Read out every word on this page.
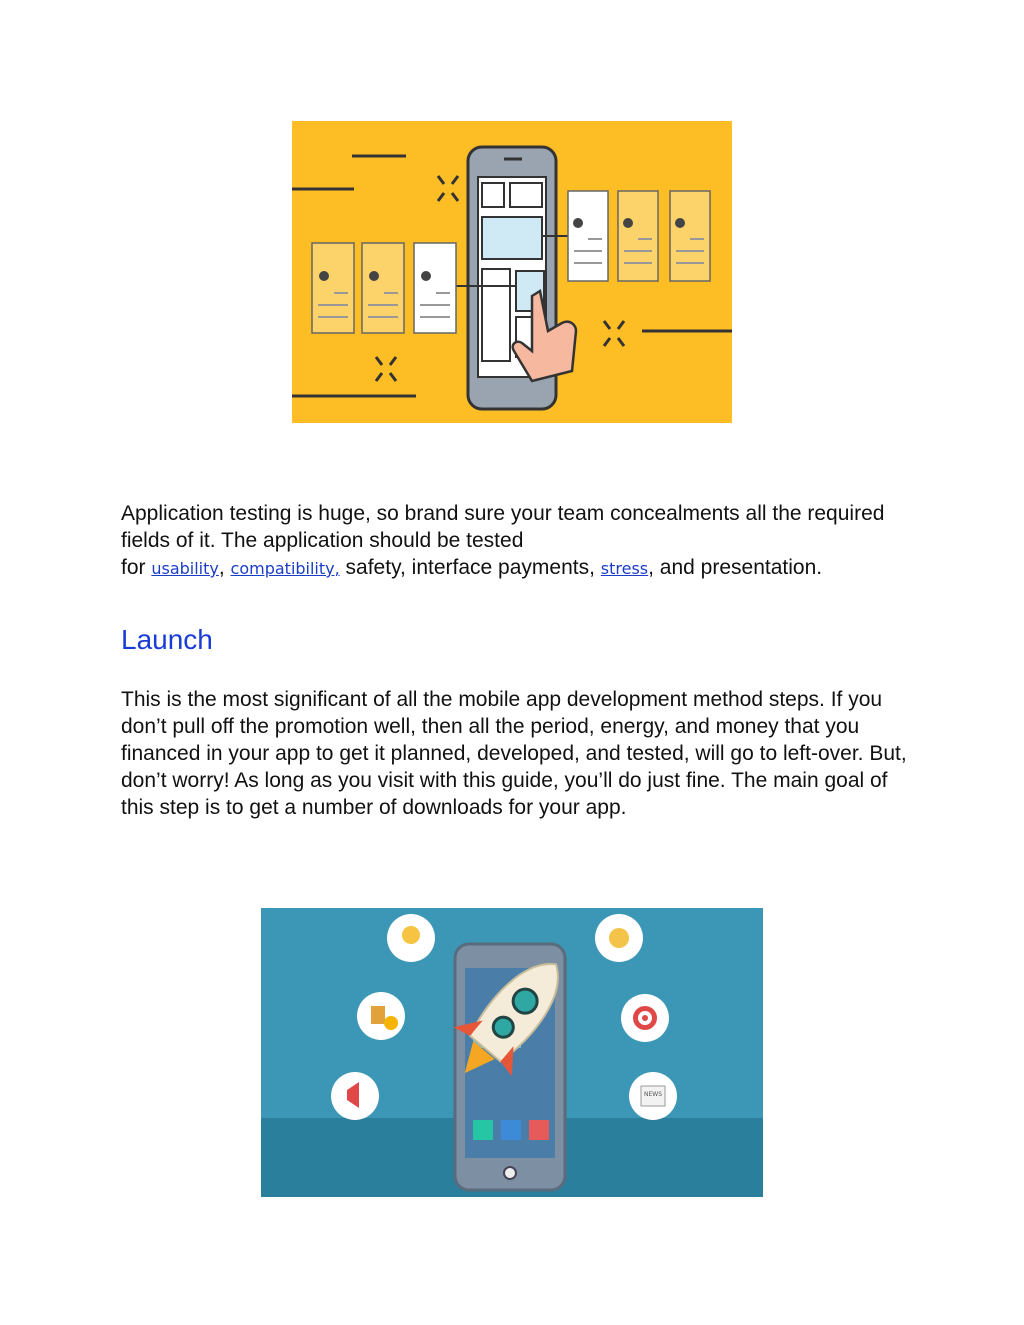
Application testing is huge, so brand sure your team concealments all the required fields of it. The application should be tested
for usability, compatibility, safety, interface payments, stress, and presentation.

Launch

This is the most significant of all the mobile app development method steps. If you don’t pull off the promotion well, then all the period, energy, and money that you financed in your app to get it planned, developed, and tested, will go to left-over. But, don’t worry! As long as you visit with this guide, you’ll do just fine. The main goal of this step is to get a number of downloads for your app.

NEWS
